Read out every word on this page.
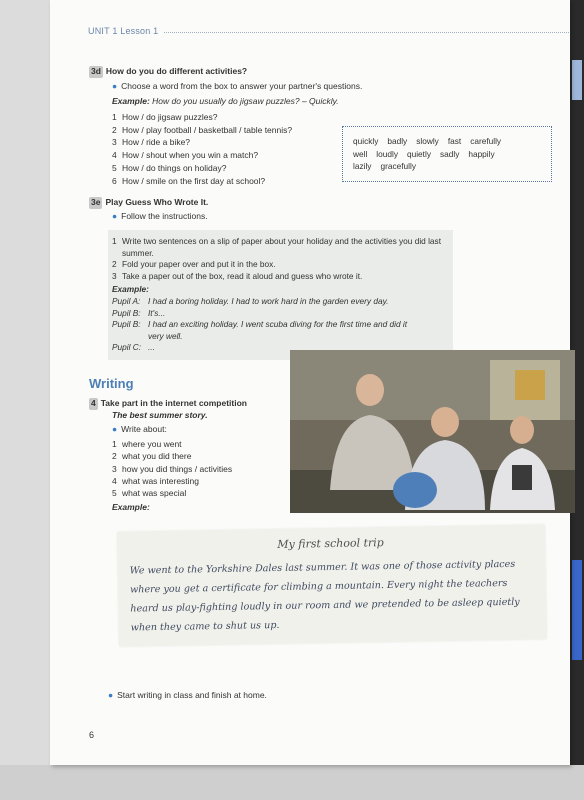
UNIT 1 Lesson 1
3d How do you do different activities?
● Choose a word from the box to answer your partner's questions.
Example: How do you usually do jigsaw puzzles? – Quickly.
1 How / do jigsaw puzzles?
2 How / play football / basketball / table tennis?
3 How / ride a bike?
4 How / shout when you win a match?
5 How / do things on holiday?
6 How / smile on the first day at school?
quickly badly slowly fast carefully
well loudly quietly sadly happily
lazily gracefully
3e Play Guess Who Wrote It.
● Follow the instructions.
1 Write two sentences on a slip of paper about your holiday and the activities you did last summer.
2 Fold your paper over and put it in the box.
3 Take a paper out of the box, read it aloud and guess who wrote it.
Example:
Pupil A: I had a boring holiday. I had to work hard in the garden every day.
Pupil B: It's...
Pupil B: I had an exciting holiday. I went scuba diving for the first time and did it very well.
Pupil C: ...
Writing
4 Take part in the internet competition
The best summer story.
● Write about:
1 where you went
2 what you did there
3 how you did things / activities
4 what was interesting
5 what was special
Example:
My first school trip
We went to the Yorkshire Dales last summer. It was one of those activity places where you get a certificate for climbing a mountain. Every night the teachers heard us play-fighting loudly in our room and we pretended to be asleep quietly when they came to shut us up.
● Start writing in class and finish at home.
6
